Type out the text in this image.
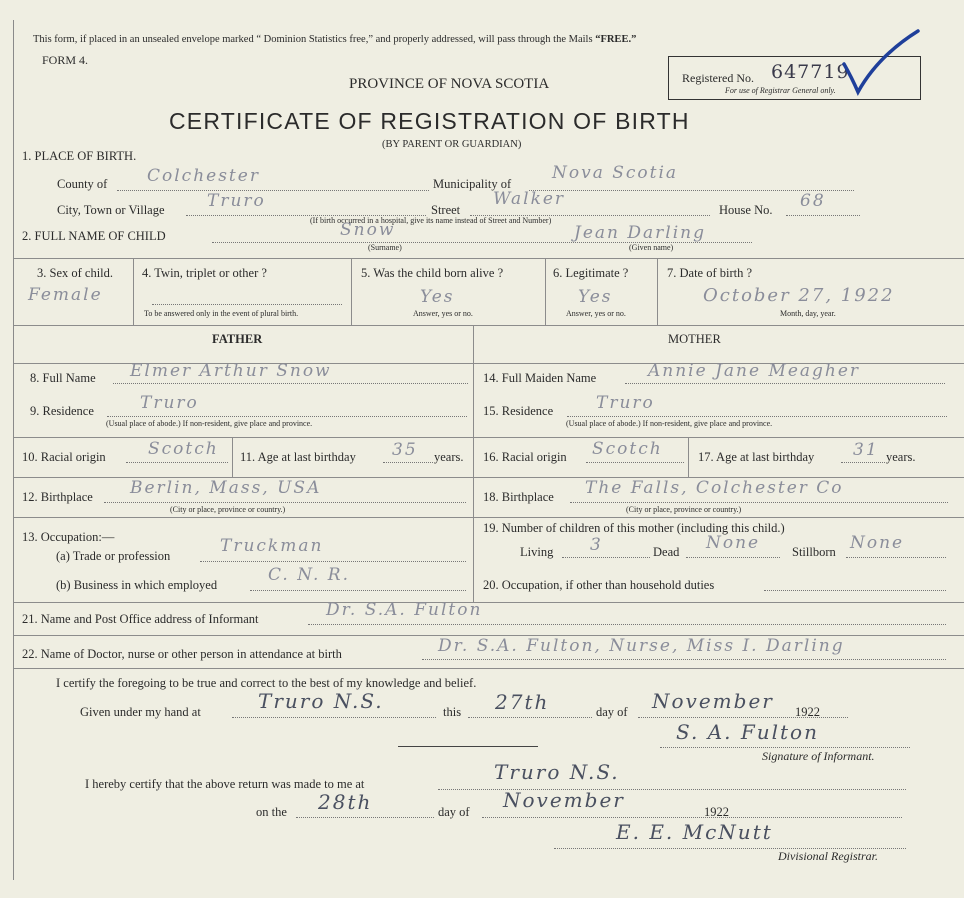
This form, if placed in an unsealed envelope marked “ Dominion Statistics free,” and properly addressed, will pass through the Mails “FREE.”
FORM 4.
PROVINCE OF NOVA SCOTIA	Registered No. 647719
For use of Registrar General only.
CERTIFICATE OF REGISTRATION OF BIRTH
(BY PARENT OR GUARDIAN)
1. PLACE OF BIRTH.
County of Colchester	Municipality of
Nova Scotia
City, Town or Village Truro	Street
Walker
House No. 68
(If birth occurred in a hospital, give its name instead of Street and Number)
2. FULL NAME OF CHILD	Snow	Jean Darling
(Surname)	(Given name)
3. Sex of child.
Female
4. Twin, triplet or other ?
To be answered only in the event of plural birth.
5. Was the child born alive ?
Yes
Answer, yes or no.
6. Legitimate ?
Yes
Answer, yes or no.
7. Date of birth ?
October 27, 1922
Month, day, year.
FATHER	MOTHER
8. Full Name Elmer Arthur Snow	14. Full Maiden Name	Annie Jane Meagher
9. Residence	Truro
(Usual place of abode.) If non-resident, give place and province.
15. Residence	Truro
(Usual place of abode.) If non-resident, give place and province.
10. Racial origin Scotch 11. Age at last birthday 35 years. 16. Racial origin Scotch	17. Age at last birthday 31 years.
12. Birthplace Berlin, Mass, USA
(City or place, province or country.)
18. Birthplace The Falls, Colchester Co
(City or place, province or country.)
13. Occupation:—
(a) Trade or profession	Truckman
(b) Business in which employed	C. N. R.
19. Number of children of this mother (including this child.)
Living 3	Dead None	Stillborn None
20. Occupation, if other than household duties
21. Name and Post Office address of Informant	Dr. S.A. Fulton
22. Name of Doctor, nurse or other person in attendance at birth	Dr. S.A. Fulton, Nurse, Miss I. Darling
I certify the foregoing to be true and correct to the best of my knowledge and belief.
Given under my hand at	Truro N.S.	this 27th	day of November 1922
S. A. Fulton
Signature of Informant.
I hereby certify that the above return was made to me at	Truro N.S.
on the 28th	day of November	1922
E. E. McNutt
Divisional Registrar.
